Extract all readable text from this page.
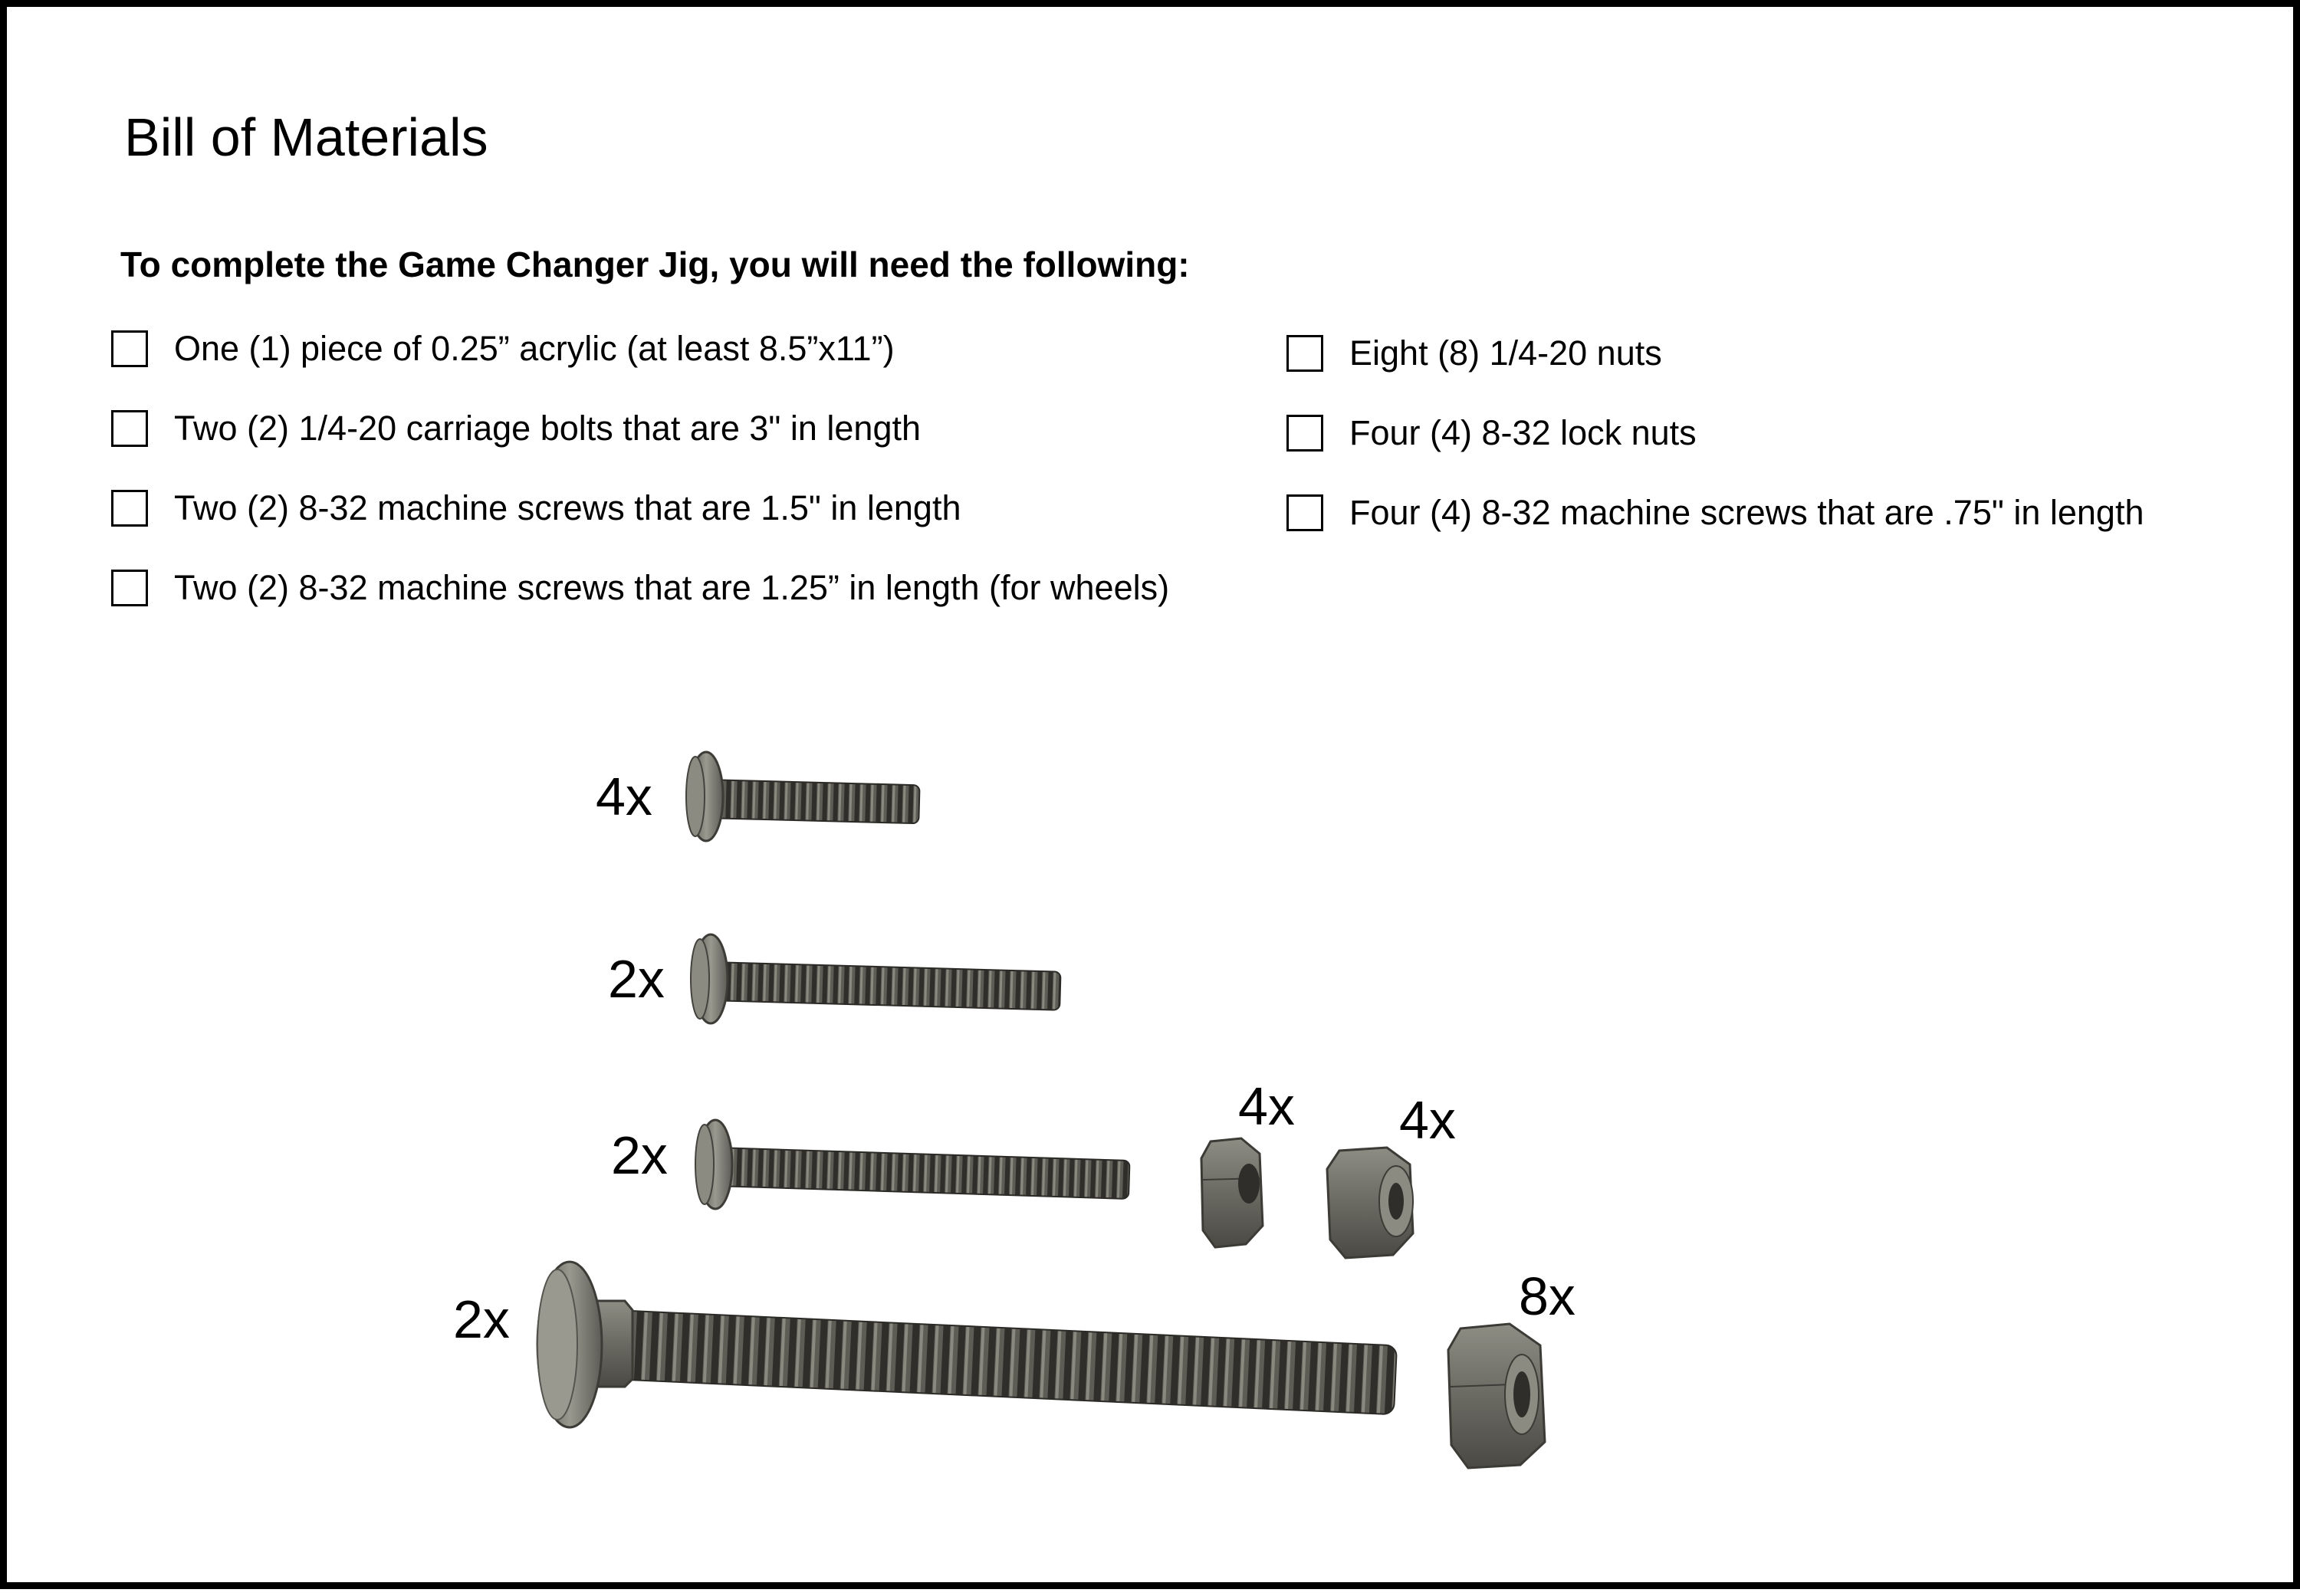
Bill of Materials
To complete the Game Changer Jig, you will need the following:
One (1) piece of 0.25” acrylic (at least 8.5”x11”)
Two (2) 1/4-20 carriage bolts that are 3" in length
Two (2) 8-32 machine screws that are 1.5" in length
Two (2) 8-32 machine screws that are 1.25” in length (for wheels)
Eight (8) 1/4-20 nuts
Four (4) 8-32 lock nuts
Four (4) 8-32 machine screws that are .75" in length
4x
2x
2x
2x
4x 4x
8x
